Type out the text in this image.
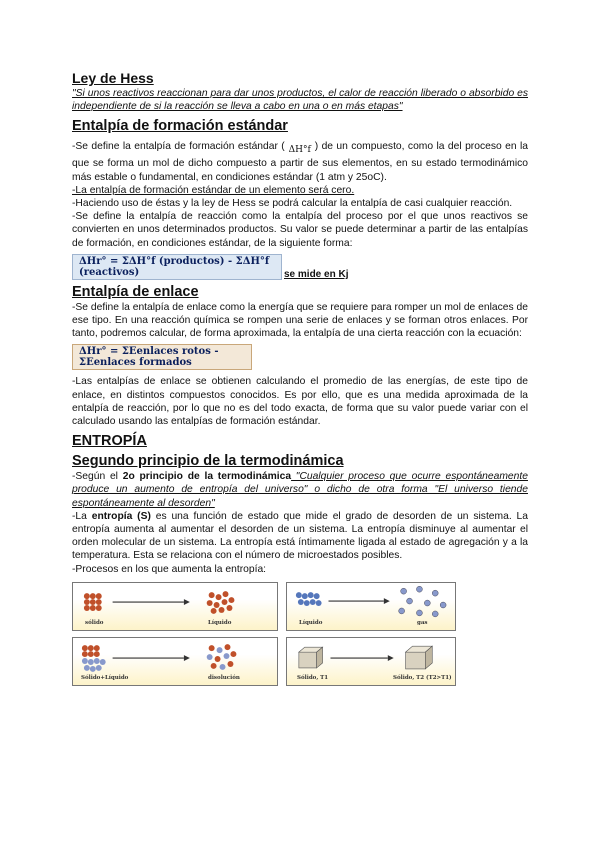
Ley de Hess

"Si unos reactivos reaccionan para dar unos productos, el calor de reacción liberado o absorbido es independiente de si la reacción se lleva a cabo en una o en más etapas"

Entalpía de formación estándar

-Se define la entalpía de formación estándar ( ΔH°f ) de un compuesto, como la del proceso en la que se forma un mol de dicho compuesto a partir de sus elementos, en su estado termodinámico más estable o fundamental, en condiciones estándar (1 atm y 25oC).

-La entalpía de formación estándar de un elemento será cero.

-Haciendo uso de éstas y la ley de Hess se podrá calcular la entalpía de casi cualquier reacción.

-Se define la entalpía de reacción como la entalpía del proceso por el que unos reactivos se convierten en unos determinados productos. Su valor se puede determinar a partir de las entalpías de formación, en condiciones estándar, de la siguiente forma:

ΔHr° = ΣΔH°f (productos) - ΣΔH°f (reactivos)	se mide en Kj
Entalpía de enlace

-Se define la entalpía de enlace como la energía que se requiere para romper un mol de enlaces de ese tipo. En una reacción química se rompen una serie de enlaces y se forman otros enlaces. Por tanto, podremos calcular, de forma aproximada, la entalpía de una cierta reacción con la ecuación:

ΔHr° = ΣEenlaces rotos - ΣEenlaces formados

-Las entalpías de enlace se obtienen calculando el promedio de las energías, de este tipo de enlace, en distintos compuestos conocidos. Es por ello, que es una medida aproximada de la entalpía de reacción, por lo que no es del todo exacta, de forma que su valor puede variar con el calculado usando las entalpías de formación estándar.

ENTROPÍA
Segundo principio de la termodinámica

-Según el 2o principio de la termodinámica "Cualquier proceso que ocurre espontáneamente produce un aumento de entropía del universo" o dicho de otra forma "El universo tiende espontáneamente al desorden"

-La entropía (S) es una función de estado que mide el grado de desorden de un sistema. La entropía aumenta al aumentar el desorden de un sistema. La entropía disminuye al aumentar el orden molecular de un sistema. La entropía está íntimamente ligada al estado de agregación y a la temperatura. Esta se relaciona con el número de microestados posibles.

-Procesos en los que aumenta la entropía:

sólido	Líquido	Líquido	gas
Sólido+Líquido	disolución	Sólido, T1	Sólido, T2 (T2>T1)
